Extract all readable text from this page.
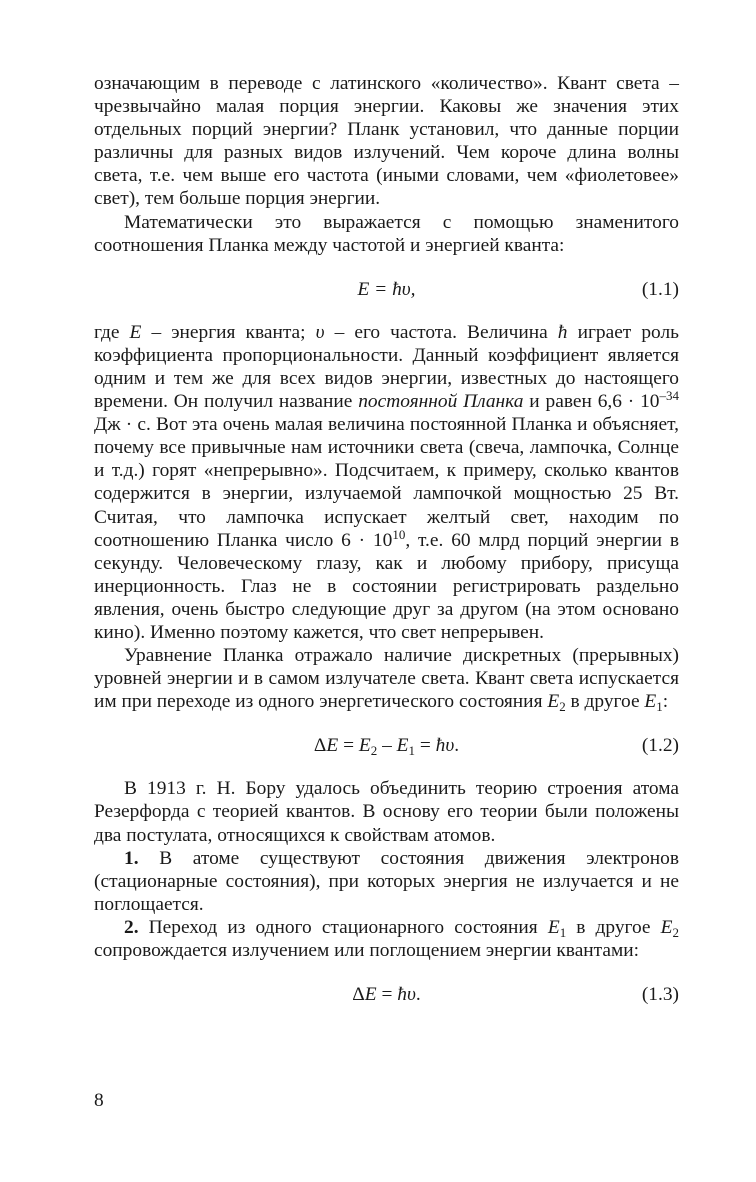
означающим в переводе с латинского «количество». Квант света – чрезвычайно малая порция энергии. Каковы же значения этих отдельных порций энергии? Планк установил, что данные порции различны для разных видов излучений. Чем короче длина волны света, т.е. чем выше его частота (иными словами, чем «фиолетовее» свет), тем больше порция энергии.

Математически это выражается с помощью знаменитого соотношения Планка между частотой и энергией кванта:

E = ħυ,	(1.1)

где E – энергия кванта; υ – его частота. Величина ħ играет роль коэффициента пропорциональности. Данный коэффициент является одним и тем же для всех видов энергии, известных до настоящего времени. Он получил название постоянной Планка и равен $6,6 \cdot 10^{-34}$ Дж · с. Вот эта очень малая величина постоянной Планка и объясняет, почему все привычные нам источники света (свеча, лампочка, Солнце и т.д.) горят «непрерывно». Подсчитаем, к примеру, сколько квантов содержится в энергии, излучаемой лампочкой мощностью 25 Вт. Считая, что лампочка испускает желтый свет, находим по соотношению Планка число $6 \cdot 10^{10}$, т.е. 60 млрд порций энергии в секунду. Человеческому глазу, как и любому прибору, присуща инерционность. Глаз не в состоянии регистрировать раздельно явления, очень быстро следующие друг за другом (на этом основано кино). Именно поэтому кажется, что свет непрерывен.

Уравнение Планка отражало наличие дискретных (прерывных) уровней энергии и в самом излучателе света. Квант света испускается им при переходе из одного энергетического состояния $E_2$ в другое $E_1$:

$\Delta E = E_2 - E_1$ = ħυ.	(1.2)

В 1913 г. Н. Бору удалось объединить теорию строения атома Резерфорда с теорией квантов. В основу его теории были положены два постулата, относящихся к свойствам атомов.

1. В атоме существуют состояния движения электронов (стационарные состояния), при которых энергия не излучается и не поглощается.

2. Переход из одного стационарного состояния $E_1$ в другое $E_2$ сопровождается излучением или поглощением энергии квантами:

ΔE = ħυ.	(1.3)
8
